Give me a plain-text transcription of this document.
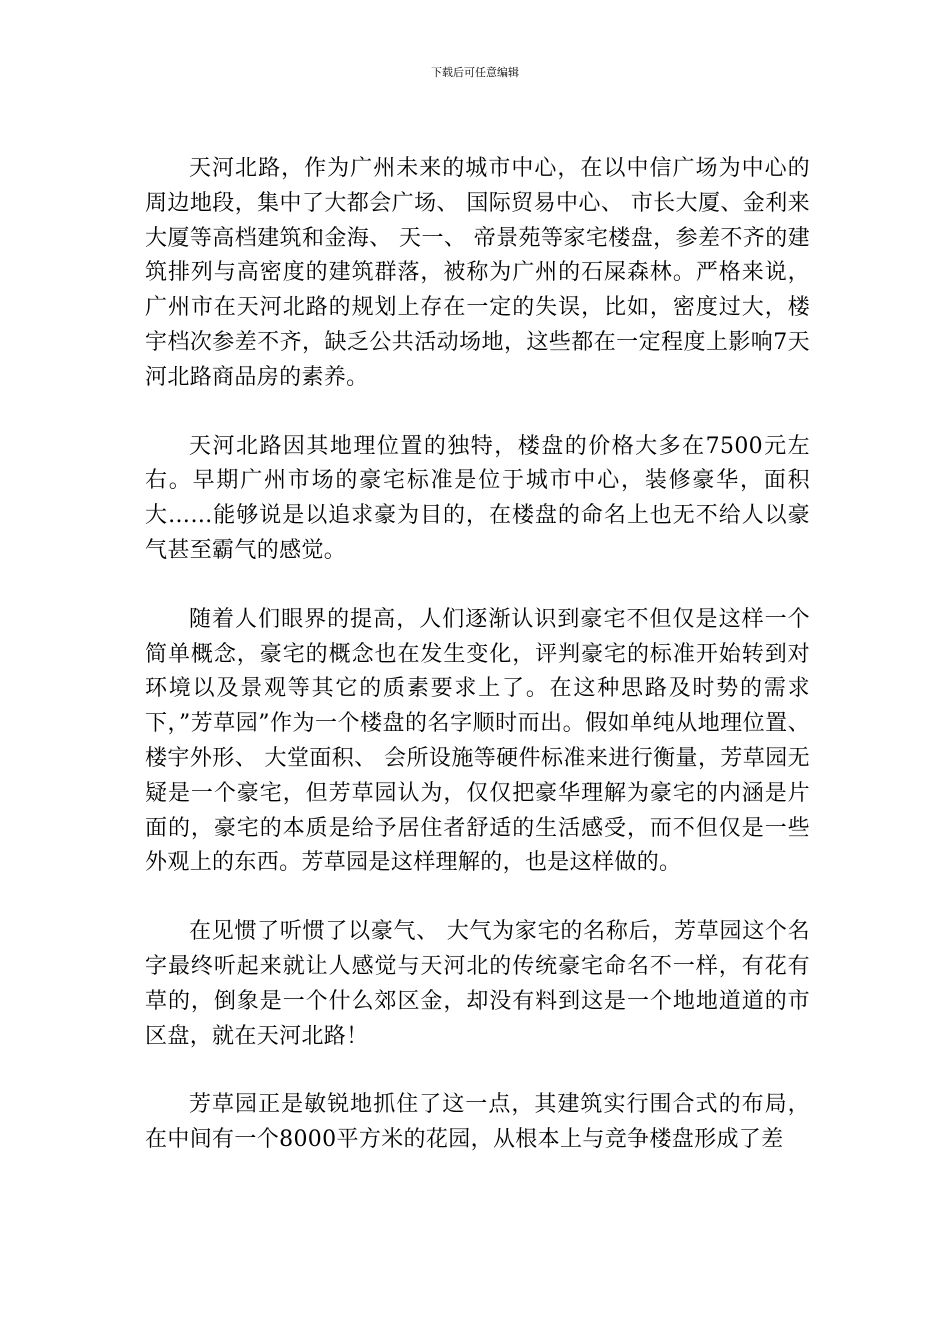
下载后可任意编辑

天河北路，作为广州未来的城市中心，在以中信广场为中心的周边地段，集中了大都会广场、 国际贸易中心、 市长大厦、金利来大厦等高档建筑和金海、 天一、 帝景苑等家宅楼盘，参差不齐的建筑排列与高密度的建筑群落，被称为广州的石屎森林。严格来说，广州市在天河北路的规划上存在一定的失误，比如，密度过大，楼宇档次参差不齐，缺乏公共活动场地，这些都在一定程度上影响7天河北路商品房的素养。

天河北路因其地理位置的独特，楼盘的价格大多在7500元左右。早期广州市场的豪宅标准是位于城市中心，装修豪华，面积大……能够说是以追求豪为目的，在楼盘的命名上也无不给人以豪气甚至霸气的感觉。

随着人们眼界的提高，人们逐渐认识到豪宅不但仅是这样一个简单概念，豪宅的概念也在发生变化，评判豪宅的标准开始转到对环境以及景观等其它的质素要求上了。在这种思路及时势的需求下，”芳草园”作为一个楼盘的名字顺时而出。假如单纯从地理位置、 楼宇外形、 大堂面积、 会所设施等硬件标准来进行衡量，芳草园无疑是一个豪宅，但芳草园认为，仅仅把豪华理解为豪宅的内涵是片面的，豪宅的本质是给予居住者舒适的生活感受，而不但仅是一些外观上的东西。芳草园是这样理解的，也是这样做的。

在见惯了听惯了以豪气、 大气为家宅的名称后，芳草园这个名字最终听起来就让人感觉与天河北的传统豪宅命名不一样，有花有草的，倒象是一个什么郊区金，却没有料到这是一个地地道道的市区盘，就在天河北路！

芳草园正是敏锐地抓住了这一点，其建筑实行围合式的布局，在中间有一个8000平方米的花园，从根本上与竞争楼盘形成了差
